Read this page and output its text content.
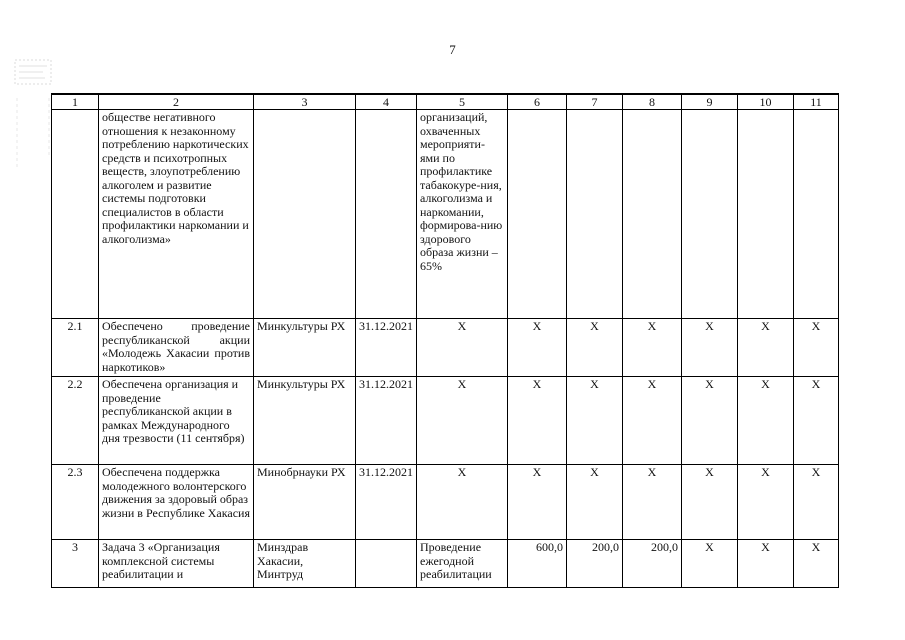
7
1	2	3	4	5	6	7	8	9	10	11
	обществе негативного отношения к незаконному потреблению наркотических средств и психотропных веществ, злоупотреблению алкоголем и развитие системы подготовки специалистов в области профилактики наркомании и алкоголизма»			организаций, охваченных мероприяти-ями по профилактике табакокуре-ния, алкоголизма и наркомании, формирова-нию здорового образа жизни – 65%						
2.1	Обеспечено проведение республиканской акции «Молодежь Хакасии против наркотиков»	Минкультуры РХ	31.12.2021	Х	Х	Х	Х	Х	Х	Х
2.2	Обеспечена организация и проведение республиканской акции в рамках Международного дня трезвости (11 сентября)	Минкультуры РХ	31.12.2021	Х	Х	Х	Х	Х	Х	Х
2.3	Обеспечена поддержка молодежного волонтерского движения за здоровый образ жизни в Республике Хакасия	Минобрнауки РХ	31.12.2021	Х	Х	Х	Х	Х	Х	Х
3	Задача 3 «Организация комплексной системы реабилитации и	Минздрав Хакасии, Минтруд		Проведение ежегодной реабилитации	600,0	200,0	200,0	Х	Х	Х
